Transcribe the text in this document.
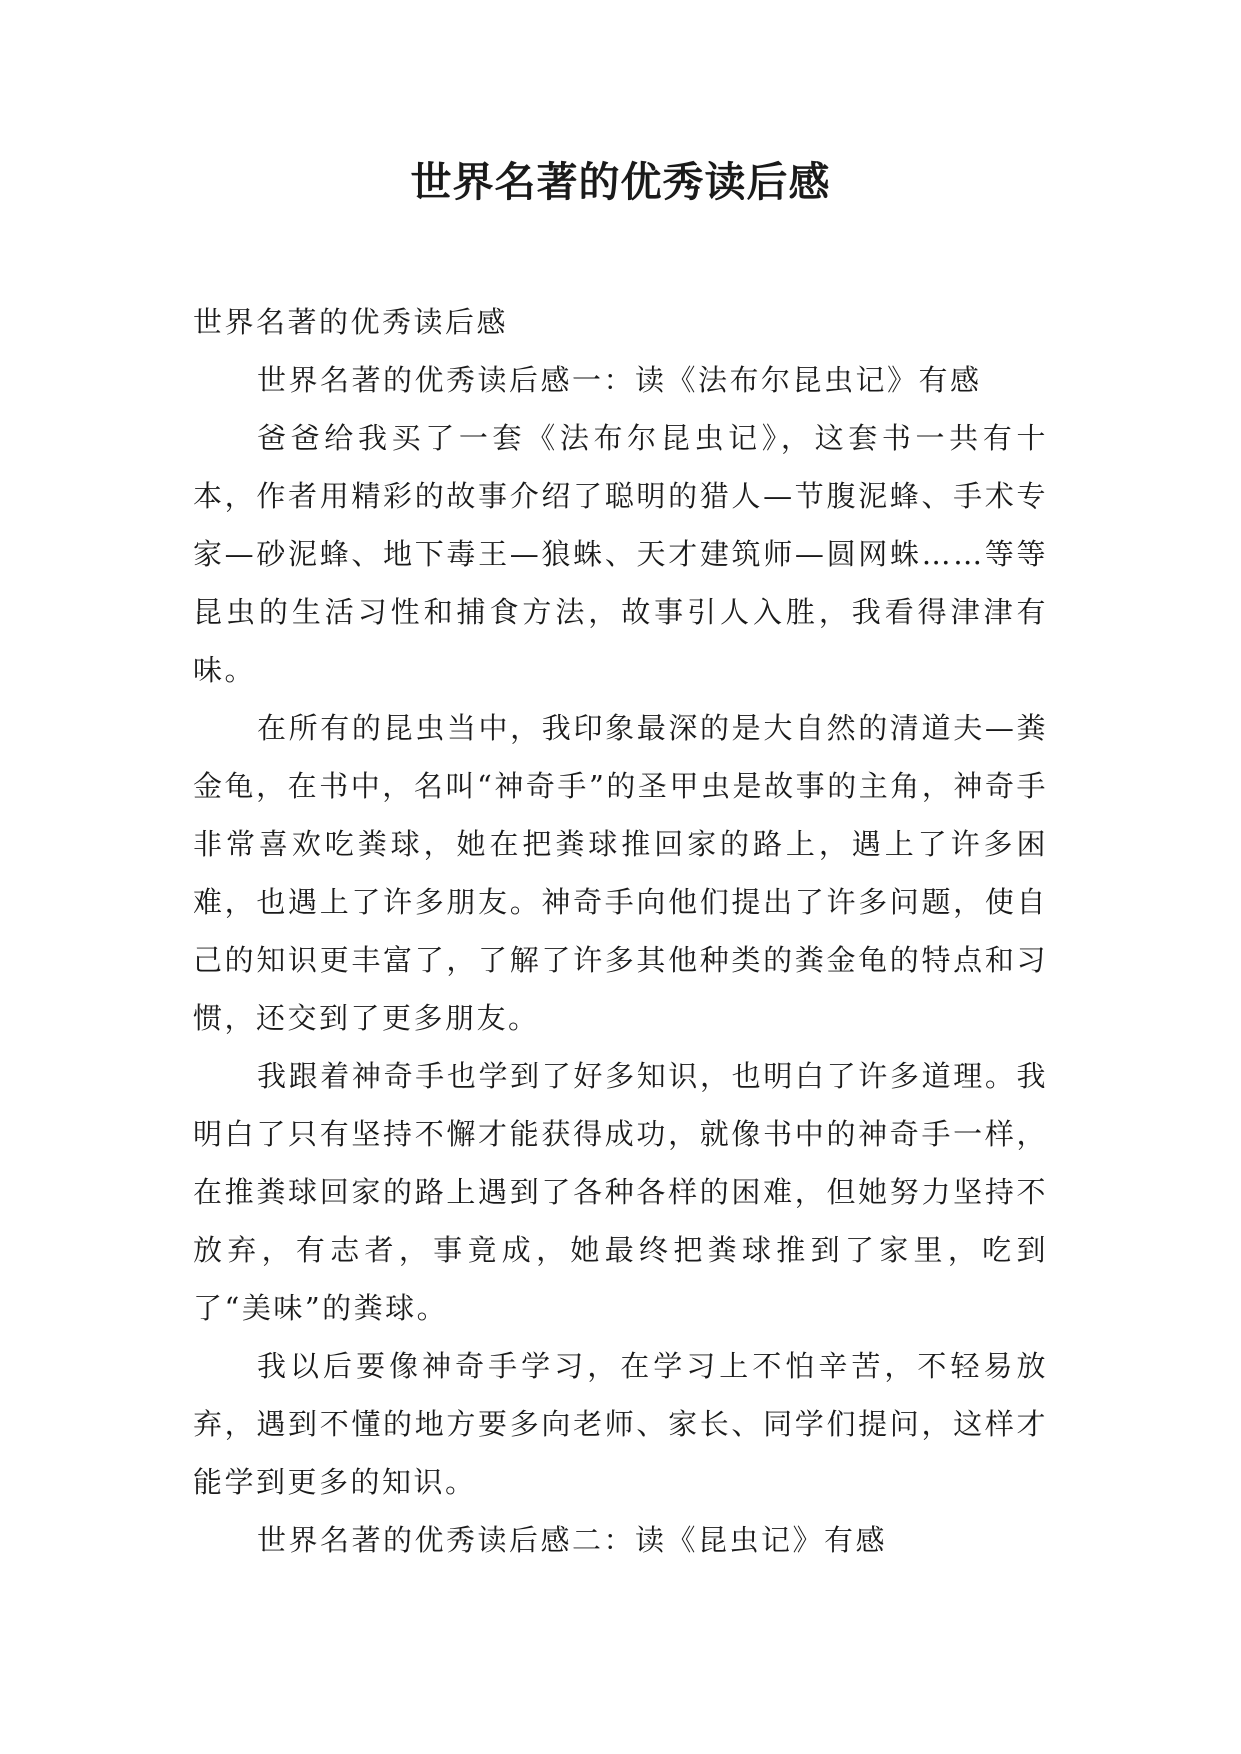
世界名著的优秀读后感

世界名著的优秀读后感

世界名著的优秀读后感一：读《法布尔昆虫记》有感

爸爸给我买了一套《法布尔昆虫记》，这套书一共有十本，作者用精彩的故事介绍了聪明的猎人—节腹泥蜂、手术专家—砂泥蜂、地下毒王—狼蛛、天才建筑师—圆网蛛……等等昆虫的生活习性和捕食方法，故事引人入胜，我看得津津有味。

在所有的昆虫当中，我印象最深的是大自然的清道夫—粪金龟，在书中，名叫“神奇手”的圣甲虫是故事的主角，神奇手非常喜欢吃粪球，她在把粪球推回家的路上，遇上了许多困难，也遇上了许多朋友。神奇手向他们提出了许多问题，使自己的知识更丰富了，了解了许多其他种类的粪金龟的特点和习惯，还交到了更多朋友。

我跟着神奇手也学到了好多知识，也明白了许多道理。我明白了只有坚持不懈才能获得成功，就像书中的神奇手一样，在推粪球回家的路上遇到了各种各样的困难，但她努力坚持不放弃，有志者，事竟成，她最终把粪球推到了家里，吃到了“美味”的粪球。

我以后要像神奇手学习，在学习上不怕辛苦，不轻易放弃，遇到不懂的地方要多向老师、家长、同学们提问，这样才能学到更多的知识。

世界名著的优秀读后感二：读《昆虫记》有感
